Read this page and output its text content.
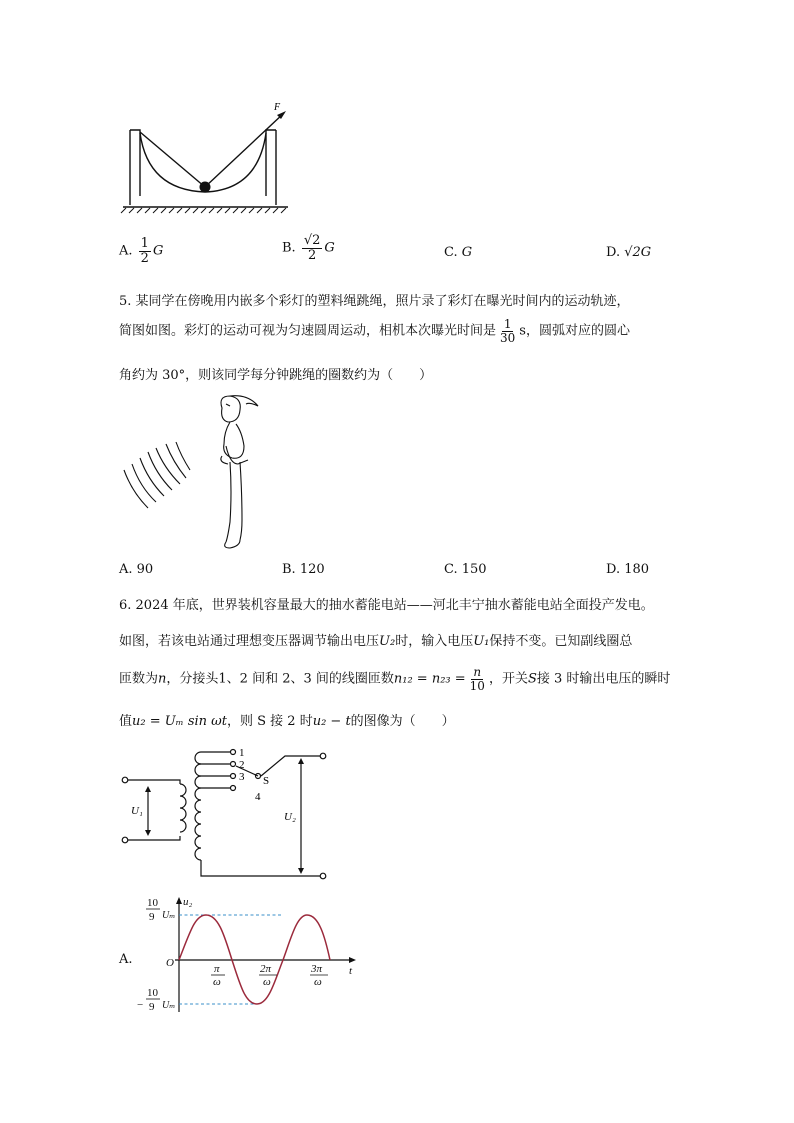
F
A. $\frac{1}{2}$ G	B. $\frac{√2}{2}$ G	C. G	D. √2G
5. 某同学在傍晚用内嵌多个彩灯的塑料绳跳绳，照片录了彩灯在曝光时间内的运动轨迹，
简图如图。彩灯的运动可视为匀速圆周运动，相机本次曝光时间是 $\frac{1}{30}$ s，圆弧对应的圆心
角约为 30°，则该同学每分钟跳绳的圈数约为（　　）
A. 90	B. 120	C. 150	D. 180
6. 2024 年底，世界装机容量最大的抽水蓄能电站——河北丰宁抽水蓄能电站全面投产发电。
如图，若该电站通过理想变压器调节输出电压U₂时，输入电压U₁保持不变。已知副线圈总
匝数为n，分接头1、2 间和 2、3 间的线圈匝数$n_{12} = n_{23} = \frac{n}{10}$ ，开关S接 3 时输出电压的瞬时
值u₂ = Uₘ sin ωt，则 S 接 2 时u₂ − t的图像为（　　）
1
2
3
4
S
U₁	U₂
A.
u₂
t
O
10
9 Uₘ
−
10
9 Uₘ
π
ω
2π
ω
3π
ω
